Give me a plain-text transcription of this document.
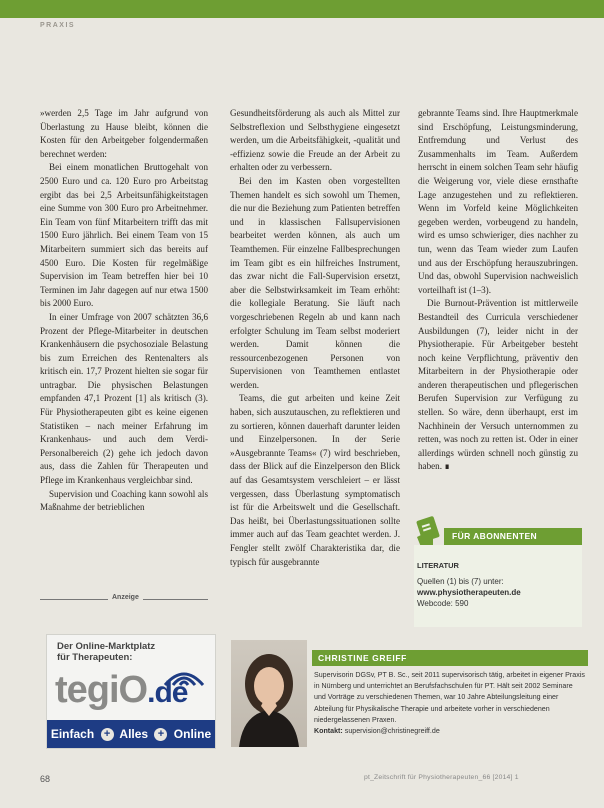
PRAXIS

»werden 2,5 Tage im Jahr aufgrund von Überlastung zu Hause bleibt, können die Kosten für den Arbeitgeber folgendermaßen berechnet werden:

Bei einem monatlichen Bruttogehalt von 2500 Euro und ca. 120 Euro pro Arbeitstag ergibt das bei 2,5 Arbeitsunfähigkeitstagen eine Summe von 300 Euro pro Arbeitnehmer. Ein Team von fünf Mitarbeitern trifft das mit 1500 Euro jährlich. Bei einem Team von 15 Mitarbeitern summiert sich das bereits auf 4500 Euro. Die Kosten für regelmäßige Supervision im Team betreffen hier bei 10 Terminen im Jahr dagegen auf nur etwa 1500 bis 2000 Euro.

In einer Umfrage von 2007 schätzten 36,6 Prozent der Pflege-Mitarbeiter in deutschen Krankenhäusern die psychosoziale Belastung bis zum Erreichen des Rentenalters als kritisch ein. 17,7 Prozent hielten sie sogar für untragbar. Die physischen Belastungen empfanden 47,1 Prozent [1] als kritisch (3). Für Physiotherapeuten gibt es keine eigenen Statistiken – nach meiner Erfahrung im Krankenhaus- und auch dem Verdi-Personalbereich (2) gehe ich jedoch davon aus, dass die Zahlen für Therapeuten und Pflege im Krankenhaus vergleichbar sind.

Supervision und Coaching kann sowohl als Maßnahme der betrieblichen

Gesundheitsförderung als auch als Mittel zur Selbstreflexion und Selbsthygiene eingesetzt werden, um die Arbeitsfähigkeit, -qualität und -effizienz sowie die Freude an der Arbeit zu erhalten oder zu verbessern.

Bei den im Kasten oben vorgestellten Themen handelt es sich sowohl um Themen, die nur die Beziehung zum Patienten betreffen und in klassischen Fallsupervisionen bearbeitet werden können, als auch um Teamthemen. Für einzelne Fallbesprechungen im Team gibt es ein hilfreiches Instrument, das zwar nicht die Fall-Supervision ersetzt, aber die Selbstwirksamkeit im Team erhöht: die kollegiale Beratung. Sie läuft nach vorgeschriebenen Regeln ab und kann nach erfolgter Schulung im Team selbst moderiert werden. Damit können die ressourcenbezogenen Personen von Supervisionen von Teamthemen entlastet werden.

Teams, die gut arbeiten und keine Zeit haben, sich auszutauschen, zu reflektieren und zu sortieren, können dauerhaft darunter leiden und Einzelpersonen. In der Serie »Ausgebrannte Teams« (7) wird beschrieben, dass der Blick auf die Einzelperson den Blick auf das Gesamtsystem verschleiert – er lässt vergessen, dass Überlastung symptomatisch ist für die Arbeitswelt und die Gesellschaft. Das heißt, bei Überlastungssituationen sollte immer auch auf das Team geachtet werden. J. Fengler stellt zwölf Charakteristika dar, die typisch für ausgebrannte

gebrannte Teams sind. Ihre Hauptmerkmale sind Erschöpfung, Leistungsminderung, Entfremdung und Verlust des Zusammenhalts im Team. Außerdem herrscht in einem solchen Team sehr häufig die Weigerung vor, viele diese ernsthafte Lage anzugestehen und zu reflektieren. Wenn im Vorfeld keine Möglichkeiten gegeben werden, vorbeugend zu handeln, wird es umso schwieriger, dies nachher zu tun, wenn das Team wieder zum Laufen und aus der Erschöpfung herauszubringen. Und das, obwohl Supervision nachweislich vorteilhaft ist (1–3).

Die Burnout-Prävention ist mittlerweile Bestandteil des Curricula verschiedener Ausbildungen (7), leider nicht in der Physiotherapie. Für Arbeitgeber besteht noch keine Verpflichtung, präventiv den Mitarbeitern in der Physiotherapie oder anderen therapeutischen und pflegerischen Berufen Supervision zur Verfügung zu stellen. So wäre, denn überhaupt, erst im Nachhinein der Versuch unternommen zu retten, was noch zu retten ist. Oder in einer allerdings würden schnell noch günstig zu haben. ∎

Anzeige
Der Online-Marktplatz
für Therapeuten:
tegiO.de
Einfach + Alles + Online
FÜR ABONNENTEN
LITERATUR
Quellen (1) bis (7) unter:
www.physiotherapeuten.de
Webcode: 590
CHRISTINE GREIFF
Supervisorin DGSv, PT B. Sc., seit 2011 supervisorisch tätig, arbeitet in eigener Praxis in Nürnberg und unterrichtet an Berufsfachschulen für PT. Hält seit 2002 Seminare und Vorträge zu verschiedenen Themen, war 10 Jahre Abteilungsleitung einer Abteilung für Physikalische Therapie und arbeitete vorher in verschiedenen niedergelassenen Praxen.
Kontakt: supervision@christinegreiff.de
68	pt_Zeitschrift für Physiotherapeuten_66 [2014] 1
